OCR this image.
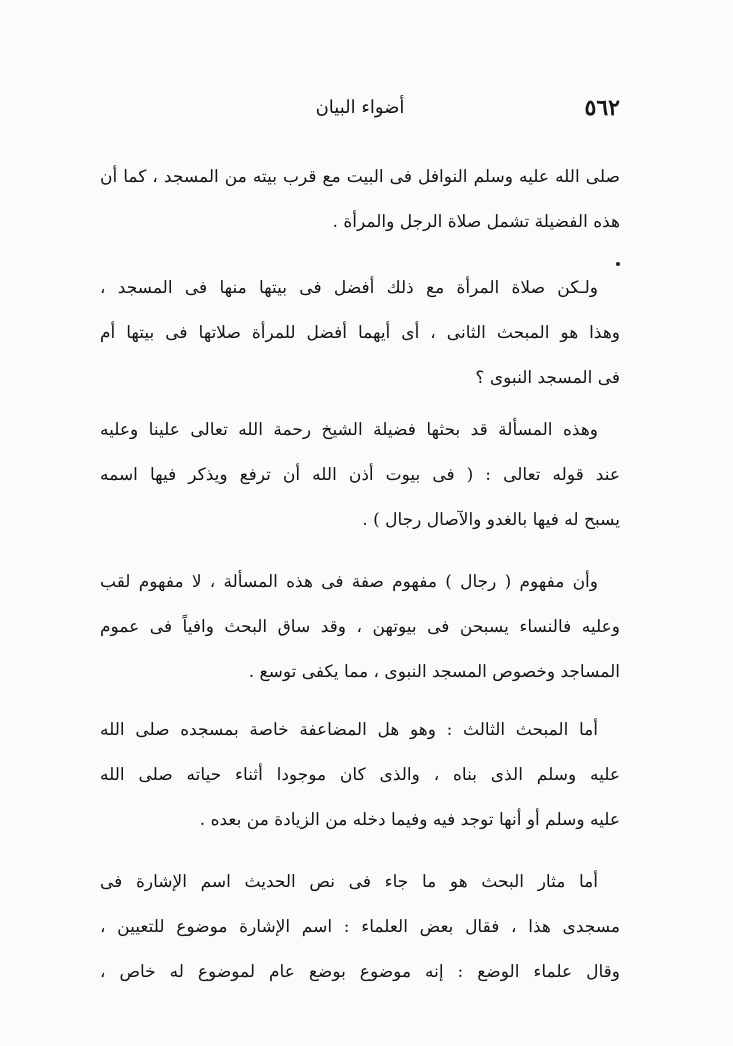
٥٦٢
أضواء البيان
صلى الله عليه وسلم النوافل فى البيت مع قرب بيته من المسجد ، كما أن
هذه الفضيلة تشمل صلاة الرجل والمرأة .
ولـكن صلاة المرأة مع ذلك أفضل فى بيتها منها فى المسجد ،
وهذا هو المبحث الثانى ، أى أيهما أفضل للمرأة صلاتها فى بيتها أم
فى المسجد النبوى ؟
وهذه المسألة قد بحثها فضيلة الشيخ رحمة الله تعالى علينا وعليه
عند قوله تعالى : ( فى بيوت أذن الله أن ترفع ويذكر فيها اسمه
يسبح له فيها بالغدو والآصال رجال ) .
وأن مفهوم ( رجال ) مفهوم صفة فى هذه المسألة ، لا مفهوم لقب
وعليه فالنساء يسبحن فى بيوتهن ، وقد ساق البحث وافياً فى عموم
المساجد وخصوص المسجد النبوى ، مما يكفى توسع .
أما المبحث الثالث : وهو هل المضاعفة خاصة بمسجده صلى الله
عليه وسلم الذى بناه ، والذى كان موجودا أثناء حياته صلى الله
عليه وسلم أو أنها توجد فيه وفيما دخله من الزيادة من بعده .
أما مثار البحث هو ما جاء فى نص الحديث اسم الإشارة فى
مسجدى هذا ، فقال بعض العلماء : اسم الإشارة موضوع للتعيين ،
وقال علماء الوضع : إنه موضوع بوضع عام لموضوع له خاص ،
